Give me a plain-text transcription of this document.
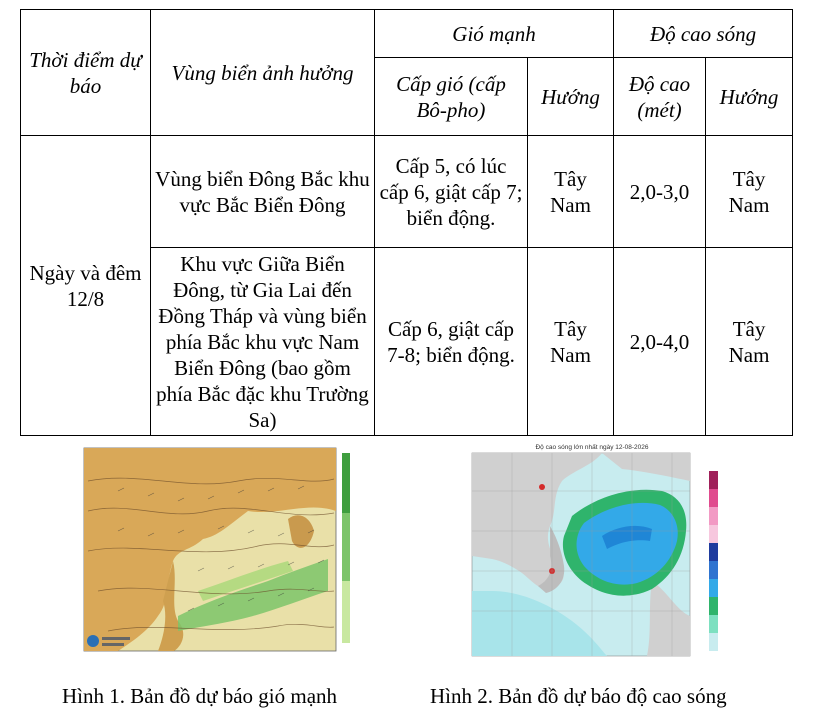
Thời điểm dự báo	Vùng biển ảnh hưởng	Gió mạnh		Độ cao sóng	
		Cấp gió (cấp Bô-pho)	Hướng	Độ cao (mét)	Hướng
Ngày và đêm 12/8	Vùng biển Đông Bắc khu vực Bắc Biển Đông	Cấp 5, có lúc cấp 6, giật cấp 7; biển động.	Tây Nam	2,0-3,0	Tây Nam
	Khu vực Giữa Biển Đông, từ Gia Lai đến Đồng Tháp và vùng biển phía Bắc khu vực Nam Biển Đông (bao gồm phía Bắc đặc khu Trường Sa)	Cấp 6, giật cấp 7-8; biển động.	Tây Nam	2,0-4,0	Tây Nam
Độ cao sóng lớn nhất ngày 12-08-2026
Hình 1. Bản đồ dự báo gió mạnh	Hình 2. Bản đồ dự báo độ cao sóng
